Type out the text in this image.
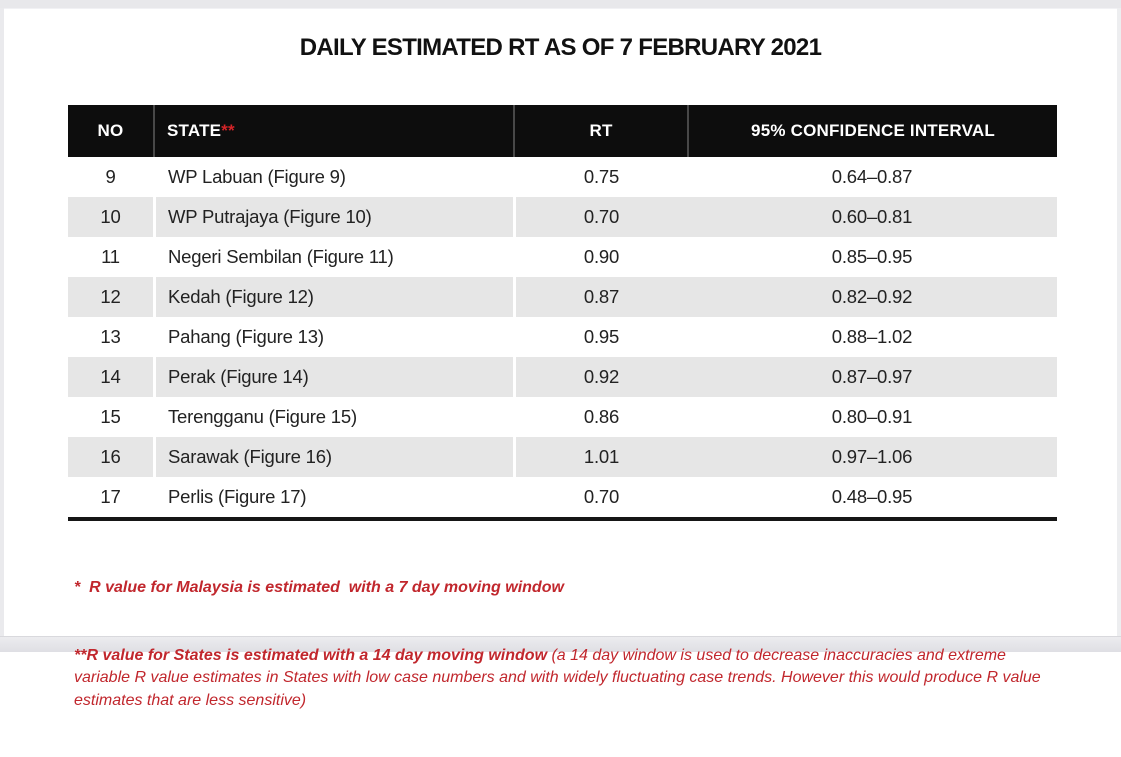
DAILY ESTIMATED RT AS OF 7 FEBRUARY 2021
NO	STATE**	RT	95% CONFIDENCE INTERVAL
9	WP Labuan (Figure 9)	0.75	0.64–0.87
10	WP Putrajaya (Figure 10)	0.70	0.60–0.81
11	Negeri Sembilan (Figure 11)	0.90	0.85–0.95
12	Kedah (Figure 12)	0.87	0.82–0.92
13	Pahang (Figure 13)	0.95	0.88–1.02
14	Perak (Figure 14)	0.92	0.87–0.97
15	Terengganu (Figure 15)	0.86	0.80–0.91
16	Sarawak (Figure 16)	1.01	0.97–1.06
17	Perlis (Figure 17)	0.70	0.48–0.95

*  R value for Malaysia is estimated  with a 7 day moving window

**R value for States is estimated with a 14 day moving window (a 14 day window is used to decrease inaccuracies and extreme variable R value estimates in States with low case numbers and with widely fluctuating case trends. However this would produce R value estimates that are less sensitive)
